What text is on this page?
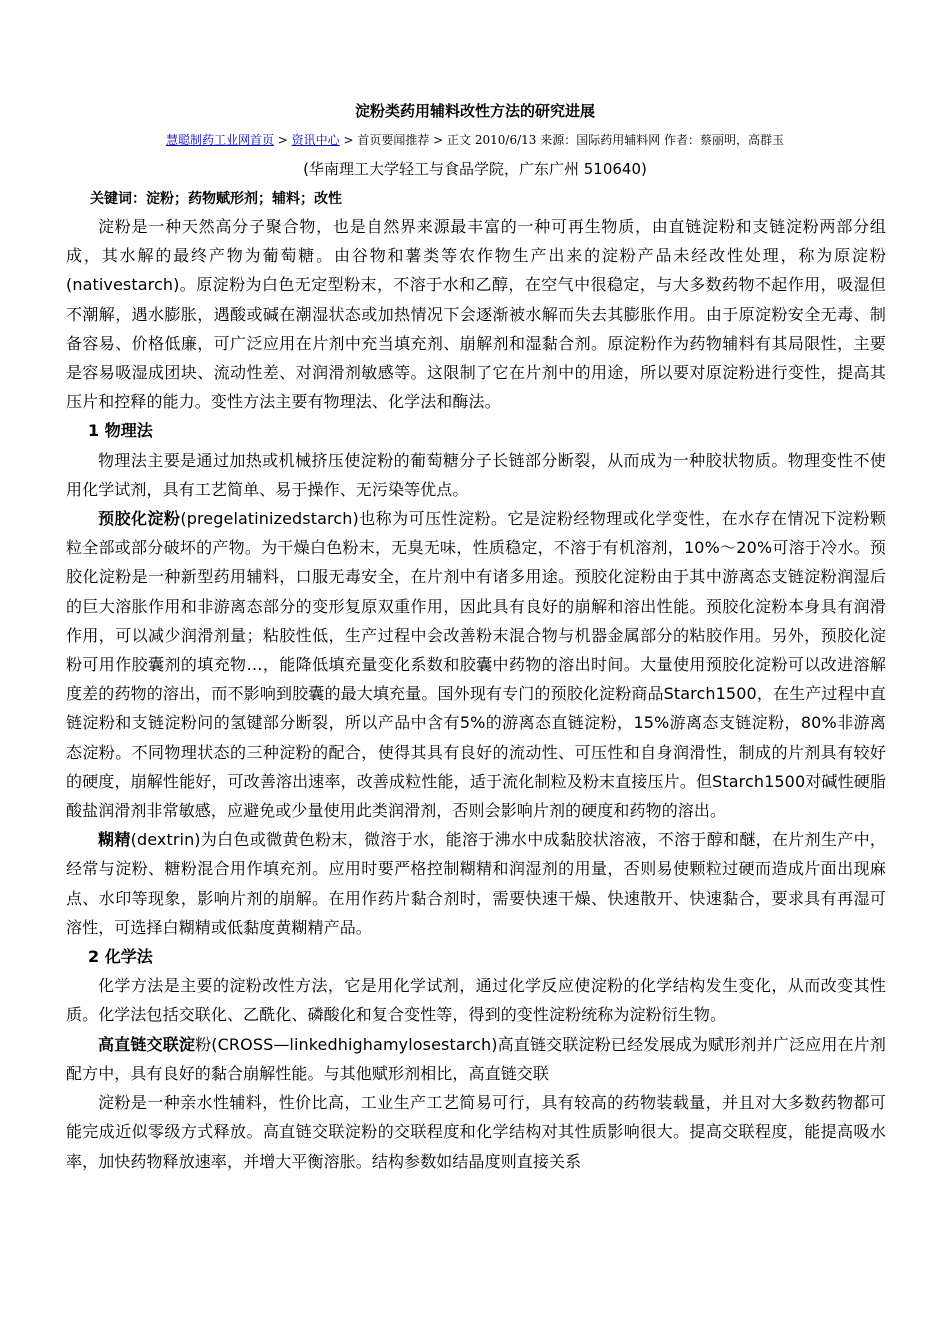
淀粉类药用辅料改性方法的研究进展
慧聪制药工业网首页 > 资讯中心 > 首页要闻推荐 > 正文 2010/6/13 来源：国际药用辅料网 作者：蔡丽明，高群玉
(华南理工大学轻工与食品学院，广东广州 510640)

关键词：淀粉；药物赋形剂；辅料；改性

淀粉是一种天然高分子聚合物，也是自然界来源最丰富的一种可再生物质，由直链淀粉和支链淀粉两部分组成，其水解的最终产物为葡萄糖。由谷物和薯类等农作物生产出来的淀粉产品未经改性处理，称为原淀粉(nativestarch)。原淀粉为白色无定型粉末，不溶于水和乙醇，在空气中很稳定，与大多数药物不起作用，吸湿但不潮解，遇水膨胀，遇酸或碱在潮湿状态或加热情况下会逐渐被水解而失去其膨胀作用。由于原淀粉安全无毒、制备容易、价格低廉，可广泛应用在片剂中充当填充剂、崩解剂和湿黏合剂。原淀粉作为药物辅料有其局限性，主要是容易吸湿成团块、流动性差、对润滑剂敏感等。这限制了它在片剂中的用途，所以要对原淀粉进行变性，提高其压片和控释的能力。变性方法主要有物理法、化学法和酶法。

1 物理法

物理法主要是通过加热或机械挤压使淀粉的葡萄糖分子长链部分断裂，从而成为一种胶状物质。物理变性不使用化学试剂，具有工艺简单、易于操作、无污染等优点。

预胶化淀粉(pregelatinizedstarch)也称为可压性淀粉。它是淀粉经物理或化学变性，在水存在情况下淀粉颗粒全部或部分破坏的产物。为干燥白色粉末，无臭无味，性质稳定，不溶于有机溶剂，10%～20%可溶于冷水。预胶化淀粉是一种新型药用辅料，口服无毒安全，在片剂中有诸多用途。预胶化淀粉由于其中游离态支链淀粉润湿后的巨大溶胀作用和非游离态部分的变形复原双重作用，因此具有良好的崩解和溶出性能。预胶化淀粉本身具有润滑作用，可以减少润滑剂量；粘胶性低，生产过程中会改善粉末混合物与机器金属部分的粘胶作用。另外，预胶化淀粉可用作胶囊剂的填充物…，能降低填充量变化系数和胶囊中药物的溶出时间。大量使用预胶化淀粉可以改进溶解度差的药物的溶出，而不影响到胶囊的最大填充量。国外现有专门的预胶化淀粉商品Starch1500，在生产过程中直链淀粉和支链淀粉问的氢键部分断裂，所以产品中含有5%的游离态直链淀粉，15%游离态支链淀粉，80%非游离态淀粉。不同物理状态的三种淀粉的配合，使得其具有良好的流动性、可压性和自身润滑性，制成的片剂具有较好的硬度，崩解性能好，可改善溶出速率，改善成粒性能，适于流化制粒及粉末直接压片。但Starch1500对碱性硬脂酸盐润滑剂非常敏感，应避免或少量使用此类润滑剂，否则会影响片剂的硬度和药物的溶出。

糊精(dextrin)为白色或微黄色粉末，微溶于水，能溶于沸水中成黏胶状溶液，不溶于醇和醚，在片剂生产中，经常与淀粉、糖粉混合用作填充剂。应用时要严格控制糊精和润湿剂的用量，否则易使颗粒过硬而造成片面出现麻点、水印等现象，影响片剂的崩解。在用作药片黏合剂时，需要快速干燥、快速散开、快速黏合，要求具有再湿可溶性，可选择白糊精或低黏度黄糊精产品。

2 化学法

化学方法是主要的淀粉改性方法，它是用化学试剂，通过化学反应使淀粉的化学结构发生变化，从而改变其性质。化学法包括交联化、乙酰化、磷酸化和复合变性等，得到的变性淀粉统称为淀粉衍生物。

高直链交联淀粉(CROSS—linkedhighamylosestarch)高直链交联淀粉已经发展成为赋形剂并广泛应用在片剂配方中，具有良好的黏合崩解性能。与其他赋形剂相比，高直链交联

淀粉是一种亲水性辅料，性价比高，工业生产工艺简易可行，具有较高的药物装载量，并且对大多数药物都可能完成近似零级方式释放。高直链交联淀粉的交联程度和化学结构对其性质影响很大。提高交联程度，能提高吸水率，加快药物释放速率，并增大平衡溶胀。结构参数如结晶度则直接关系
